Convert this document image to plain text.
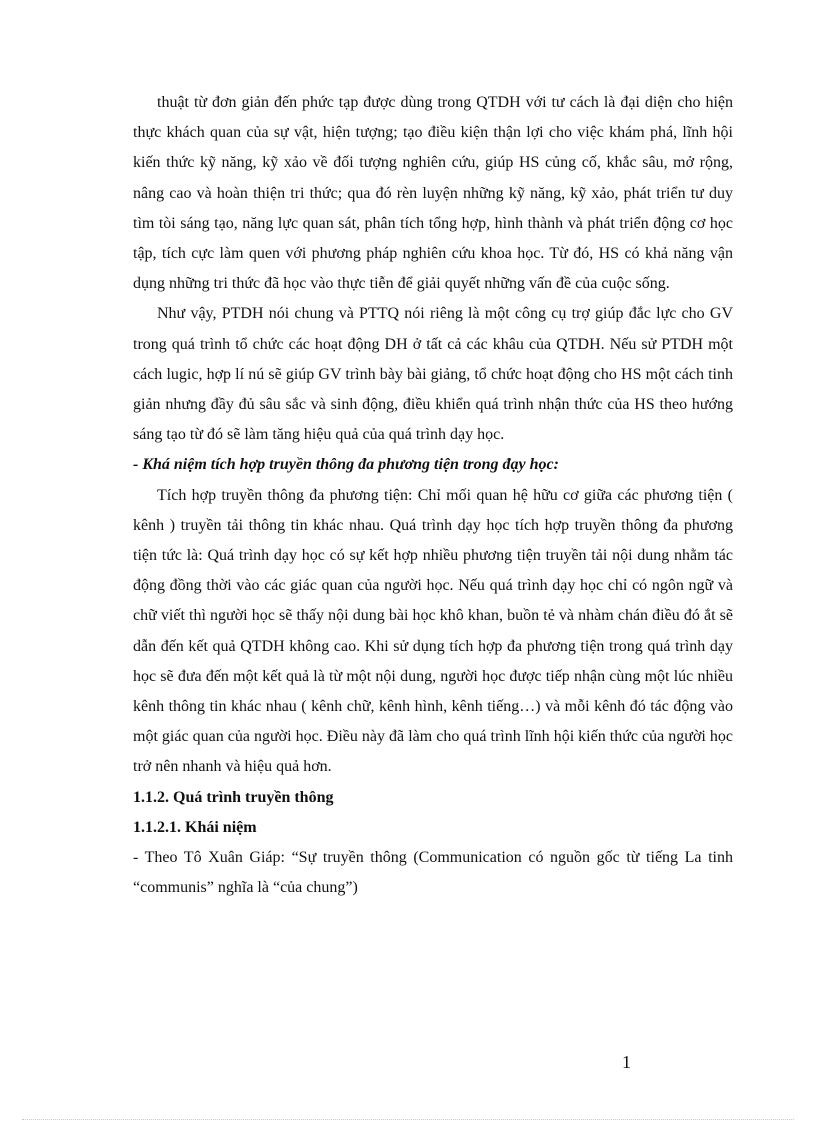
thuật từ đơn giản đến phức tạp được dùng trong QTDH với tư cách là đại diện cho hiện thực khách quan của sự vật, hiện tượng; tạo điều kiện thận lợi cho việc khám phá, lĩnh hội kiến thức kỹ năng, kỹ xảo về đối tượng nghiên cứu, giúp HS củng cố, khắc sâu, mở rộng, nâng cao và hoàn thiện tri thức; qua đó rèn luyện những kỹ năng, kỹ xảo, phát triển tư duy tìm tòi sáng tạo, năng lực quan sát, phân tích tổng hợp, hình thành và phát triển động cơ học tập, tích cực làm quen với phương pháp nghiên cứu khoa học. Từ đó, HS có khả năng vận dụng những tri thức đã học vào thực tiễn để giải quyết những vấn đề của cuộc sống.

Như vậy, PTDH nói chung và PTTQ nói riêng là một công cụ trợ giúp đắc lực cho GV trong quá trình tổ chức các hoạt động DH ở tất cả các khâu của QTDH. Nếu sử PTDH một cách lugic, hợp lí nú sẽ giúp GV trình bày bài giảng, tổ chức hoạt động cho HS một cách tinh giản nhưng đầy đủ sâu sắc và sinh động, điều khiển quá trình nhận thức của HS theo hướng sáng tạo từ đó sẽ làm tăng hiệu quả của quá trình dạy học.

- Khá niệm tích hợp truyền thông đa phương tiện trong đạy học:

Tích hợp truyền thông đa phương tiện: Chỉ mối quan hệ hữu cơ giữa các phương tiện ( kênh ) truyền tải thông tin khác nhau. Quá trình dạy học tích hợp truyền thông đa phương tiện tức là: Quá trình dạy học có sự kết hợp nhiều phương tiện truyền tải nội dung nhằm tác động đồng thời vào các giác quan của người học. Nếu quá trình dạy học chỉ có ngôn ngữ và chữ viết thì người học sẽ thấy nội dung bài học khô khan, buồn tẻ và nhàm chán điều đó ắt sẽ dẫn đến kết quả QTDH không cao. Khi sử dụng tích hợp đa phương tiện trong quá trình dạy học sẽ đưa đến một kết quả là từ một nội dung, người học được tiếp nhận cùng một lúc nhiều kênh thông tin khác nhau ( kênh chữ, kênh hình, kênh tiếng…) và mỗi kênh đó tác động vào một giác quan của người học. Điều này đã làm cho quá trình lĩnh hội kiến thức của người học trở nên nhanh và hiệu quả hơn.

1.1.2. Quá trình truyền thông

1.1.2.1. Khái niệm

- Theo Tô Xuân Giáp: “Sự truyền thông (Communication có nguồn gốc từ tiếng La tinh “communis” nghĩa là “của chung”)

1
